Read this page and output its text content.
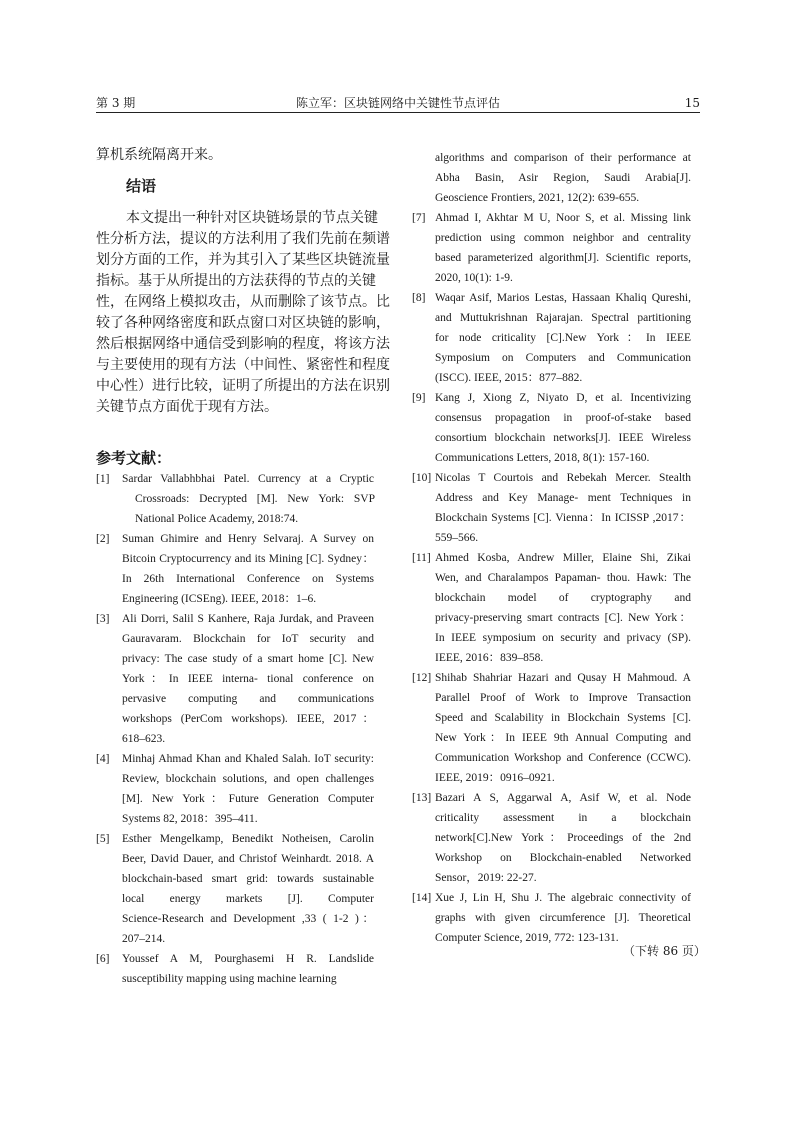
第 3 期	陈立军：区块链网络中关键性节点评估	15
算机系统隔离开来。
结语
本文提出一种针对区块链场景的节点关键
性分析方法，提议的方法利用了我们先前在频谱
划分方面的工作，并为其引入了某些区块链流量
指标。基于从所提出的方法获得的节点的关键
性，在网络上模拟攻击，从而删除了该节点。比
较了各种网络密度和跃点窗口对区块链的影响，
然后根据网络中通信受到影响的程度，将该方法
与主要使用的现有方法（中间性、紧密性和程度
中心性）进行比较，证明了所提出的方法在识别
关键节点方面优于现有方法。
参考文献：
[1] Sardar Vallabhbhai Patel. Currency at a Cryptic
Crossroads: Decrypted [M]. New York: SVP
National Police Academy, 2018:74.
[2] Suman Ghimire and Henry Selvaraj. A Survey on
Bitcoin Cryptocurrency and its Mining [C]. Sydney：
In 26th International Conference on Systems
Engineering (ICSEng). IEEE, 2018：1–6.
[3] Ali Dorri, Salil S Kanhere, Raja Jurdak, and Praveen
Gauravaram. Blockchain for IoT security and
privacy: The case study of a smart home [C]. New
York：In IEEE interna- tional conference on
pervasive computing and communications
workshops (PerCom workshops). IEEE, 2017：
618–623.
[4] Minhaj Ahmad Khan and Khaled Salah. IoT security:
Review, blockchain solutions, and open challenges
[M]. New York：Future Generation Computer
Systems 82, 2018：395–411.
[5] Esther Mengelkamp, Benedikt Notheisen, Carolin
Beer, David Dauer, and Christof Weinhardt. 2018. A
blockchain-based smart grid: towards sustainable
local energy markets [J]. Computer
Science-Research and Development ,33 ( 1-2 )：
207–214.
[6] Youssef A M, Pourghasemi H R. Landslide
susceptibility mapping using machine learning
algorithms and comparison of their performance at
Abha Basin, Asir Region, Saudi Arabia[J].
Geoscience Frontiers, 2021, 12(2): 639-655.
[7] Ahmad I, Akhtar M U, Noor S, et al. Missing link
prediction using common neighbor and centrality
based parameterized algorithm[J]. Scientific reports,
2020, 10(1): 1-9.
[8] Waqar Asif, Marios Lestas, Hassaan Khaliq Qureshi,
and Muttukrishnan Rajarajan. Spectral partitioning
for node criticality [C].New York：In IEEE
Symposium on Computers and Communication
(ISCC). IEEE, 2015：877–882.
[9] Kang J, Xiong Z, Niyato D, et al. Incentivizing
consensus propagation in proof-of-stake based
consortium blockchain networks[J]. IEEE Wireless
Communications Letters, 2018, 8(1): 157-160.
[10] Nicolas T Courtois and Rebekah Mercer. Stealth
Address and Key Manage- ment Techniques in
Blockchain Systems [C]. Vienna：In ICISSP ,2017：
559–566.
[11] Ahmed Kosba, Andrew Miller, Elaine Shi, Zikai
Wen, and Charalampos Papaman- thou. Hawk: The
blockchain model of cryptography and
privacy-preserving smart contracts [C]. New York：
In IEEE symposium on security and privacy (SP).
IEEE, 2016：839–858.
[12] Shihab Shahriar Hazari and Qusay H Mahmoud. A
Parallel Proof of Work to Improve Transaction
Speed and Scalability in Blockchain Systems [C].
New York：In IEEE 9th Annual Computing and
Communication Workshop and Conference (CCWC).
IEEE, 2019：0916–0921.
[13] Bazari A S, Aggarwal A, Asif W, et al. Node
criticality assessment in a blockchain
network[C].New York：Proceedings of the 2nd
Workshop on Blockchain-enabled Networked
Sensor，2019: 22-27.
[14] Xue J, Lin H, Shu J. The algebraic connectivity of
graphs with given circumference [J]. Theoretical
Computer Science, 2019, 772: 123-131.
（下转 86 页）
